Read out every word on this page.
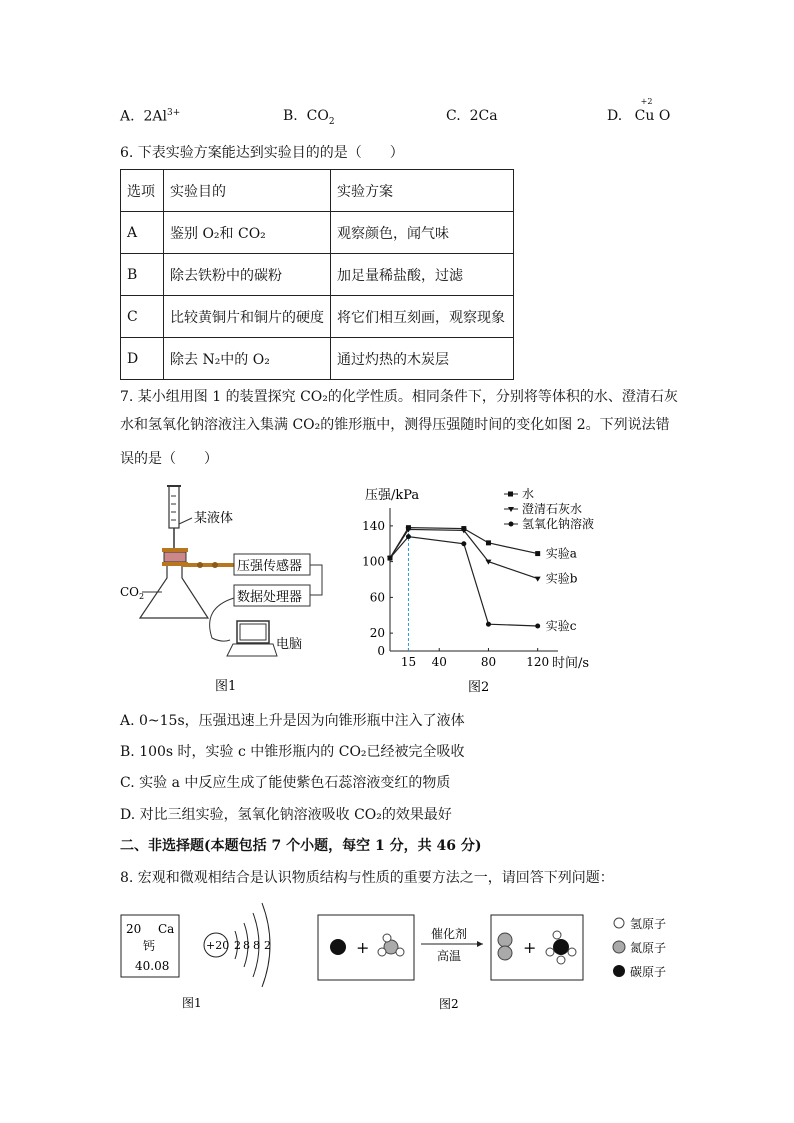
A. $2Al^{3+}$	B. $CO_2$	C. 2Ca	D.
+2
Cu O
6. 下表实验方案能达到实验目的的是（　　）
选项	实验目的	实验方案
A	鉴别 O₂和 CO₂	观察颜色，闻气味
B	除去铁粉中的碳粉	加足量稀盐酸，过滤
C	比较黄铜片和铜片的硬度	将它们相互刻画，观察现象
D	除去 N₂中的 O₂	通过灼热的木炭层
7. 某小组用图 1 的装置探究 CO₂的化学性质。相同条件下，分别将等体积的水、澄清石灰
水和氢氧化钠溶液注入集满 CO₂的锥形瓶中，测得压强随时间的变化如图 2。下列说法错
误的是（　　）
某液体
$CO_2$
压强传感器
数据处理器
电脑
图1
压强/kPa
时间/s
图2
15 40	80	120
0
20
60
100
140
实验a
实验b
实验c
水
澄清石灰水
氢氧化钠溶液
A. 0~15s，压强迅速上升是因为向锥形瓶中注入了液体
B. 100s 时，实验 c 中锥形瓶内的 CO₂已经被完全吸收
C. 实验 a 中反应生成了能使紫色石蕊溶液变红的物质
D. 对比三组实验，氢氧化钠溶液吸收 CO₂的效果最好
二、非选择题(本题包括 7 个小题，每空 1 分，共 46 分)
8. 宏观和微观相结合是认识物质结构与性质的重要方法之一，请回答下列问题：
20 Ca
钙
40.08
+20 2 8 8 2
图1
+
催化剂
高温	+
氢原子
氮原子
碳原子
图2
